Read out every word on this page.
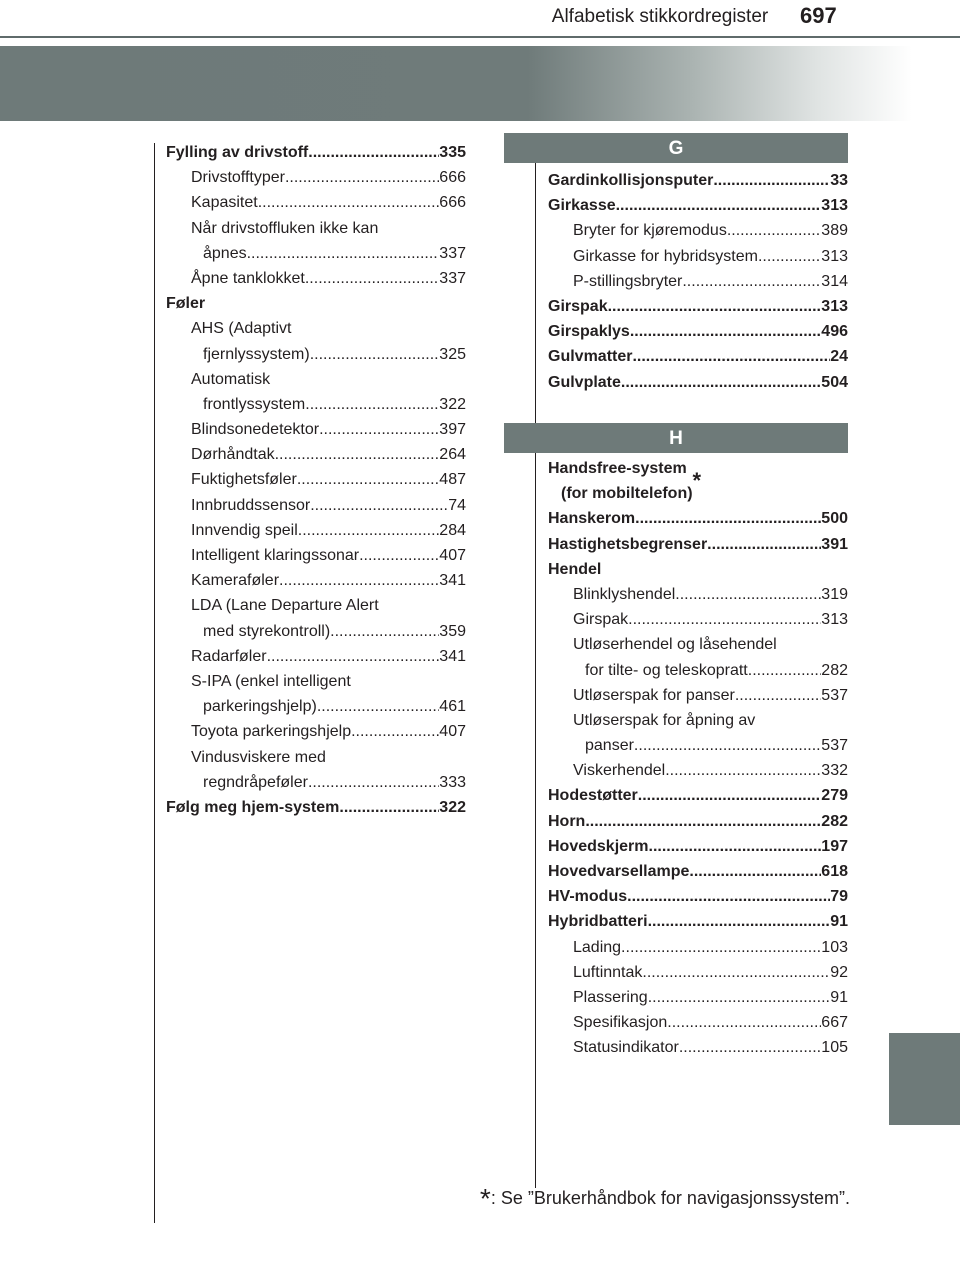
Alfabetisk stikkordregister	697
Fylling av drivstoff .....	335
Drivstofftyper .....	666
Kapasitet .....	666
Når drivstoffluken ikke kan
åpnes .....	337
Åpne tanklokket .....	337
Føler
AHS (Adaptivt
fjernlyssystem) .....	325
Automatisk
frontlyssystem. .....	322
Blindsonedetektor .....	397
Dørhåndtak .....	264
Fuktighetsføler .....	487
Innbruddssensor .....	74
Innvendig speil .....	284
Intelligent klaringssonar .....	407
Kameraføler .....	341
LDA (Lane Departure Alert
med styrekontroll) .....	359
Radarføler .....	341
S-IPA (enkel intelligent
parkeringshjelp) .....	461
Toyota parkeringshjelp .....	407
Vindusviskere med
regndråpeføler .....	333
Følg meg hjem-system .....	322
G
Gardinkollisjonsputer .....	33
Girkasse .....	313
Bryter for kjøremodus .....	389
Girkasse for hybridsystem .....	313
P-stillingsbryter .....	314
Girspak .....	313
Girspaklys .....	496
Gulvmatter .....	24
Gulvplate .....	504
H
Handsfree-system
(for mobiltelefon)
*
Hanskerom .....	500
Hastighetsbegrenser .....	391
Hendel
Blinklyshendel .....	319
Girspak .....	313
Utløserhendel og låsehendel
for tilte- og teleskopratt .....	282
Utløserspak for panser .....	537
Utløserspak for åpning av
panser .....	537
Viskerhendel .....	332
Hodestøtter .....	279
Horn .....	282
Hovedskjerm .....	197
Hovedvarsellampe .....	618
HV-modus .....	79
Hybridbatteri .....	91
Lading .....	103
Luftinntak .....	92
Plassering .....	91
Spesifikasjon .....	667
Statusindikator .....	105
*: Se ”Brukerhåndbok for navigasjonssystem”.
